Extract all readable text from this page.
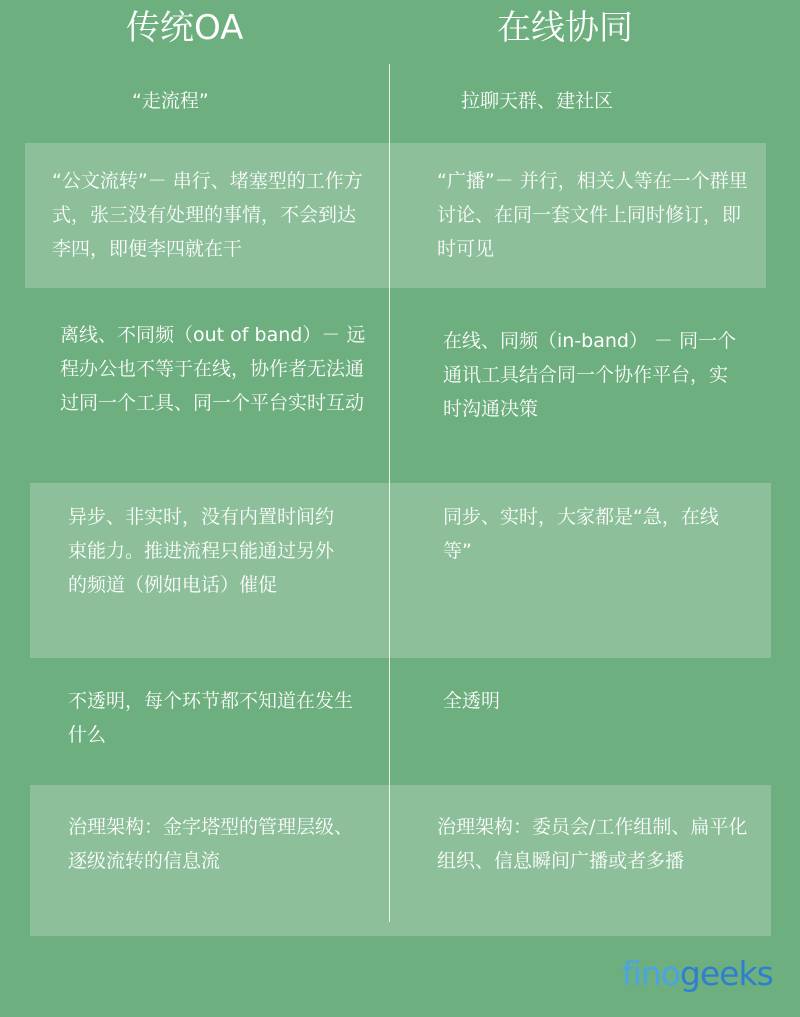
传统OA	在线协同
“走流程”	拉聊天群、建社区
“公文流转”－ 串行、堵塞型的工作方式，张三没有处理的事情，不会到达李四，即便李四就在干
“广播”－ 并行，相关人等在一个群里讨论、在同一套文件上同时修订，即时可见
离线、不同频（out of band）－ 远程办公也不等于在线，协作者无法通过同一个工具、同一个平台实时互动
在线、同频（in-band） － 同一个通讯工具结合同一个协作平台，实时沟通决策
异步、非实时，没有内置时间约束能力。推进流程只能通过另外的频道（例如电话）催促
同步、实时，大家都是“急，在线等”
不透明，每个环节都不知道在发生什么
全透明
治理架构：金字塔型的管理层级、逐级流转的信息流
治理架构：委员会/工作组制、扁平化组织、信息瞬间广播或者多播
finogeeks
